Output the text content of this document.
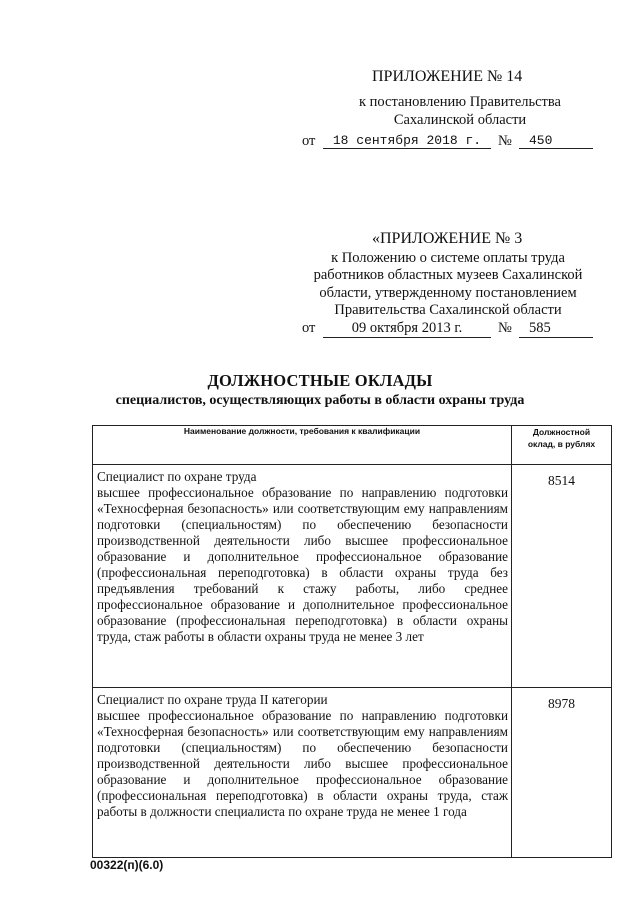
ПРИЛОЖЕНИЕ № 14
к постановлению Правительства
Сахалинской области
от	18 сентября 2018 г.	№	450
«ПРИЛОЖЕНИЕ № 3
к Положению о системе оплаты труда
работников областных музеев Сахалинской
области, утвержденному постановлением
Правительства Сахалинской области
от	09 октября 2013 г.	№	585
ДОЛЖНОСТНЫЕ ОКЛАДЫ
специалистов, осуществляющих работы в области охраны труда
Наименование должности, требования к квалификации	Должностной
оклад, в рублях

Специалист по охране труда
высшее профессиональное образование по направлению подготовки «Техносферная безопасность» или соответствующим ему направлениям подготовки (специальностям) по обеспечению безопасности производственной деятельности либо высшее профессиональное образование и дополнительное профессиональное образование (профессиональная переподготовка) в области охраны труда без предъявления требований к стажу работы, либо среднее профессиональное образование и дополнительное профессиональное образование (профессиональная переподготовка) в области охраны труда, стаж работы в области охраны труда не менее 3 лет	8514

Специалист по охране труда II категории
высшее профессиональное образование по направлению подготовки «Техносферная безопасность» или соответствующим ему направлениям подготовки (специальностям) по обеспечению безопасности производственной деятельности либо высшее профессиональное образование и дополнительное профессиональное образование (профессиональная переподготовка) в области охраны труда, стаж работы в должности специалиста по охране труда не менее 1 года	8978
00322(п)(6.0)
